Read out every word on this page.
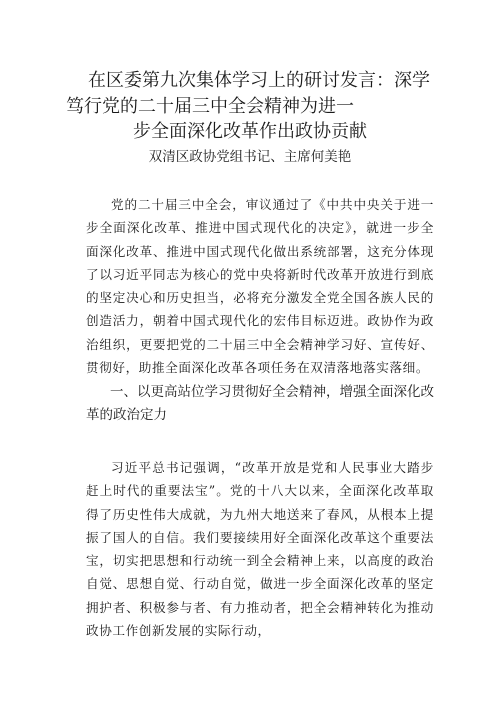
在区委第九次集体学习上的研讨发言：深学笃行党的二十届三中全会精神为进一
步全面深化改革作出政协贡献
双清区政协党组书记、主席何美艳

党的二十届三中全会，审议通过了《中共中央关于进一步全面深化改革、推进中国式现代化的决定》，就进一步全面深化改革、推进中国式现代化做出系统部署，这充分体现了以习近平同志为核心的党中央将新时代改革开放进行到底的坚定决心和历史担当，必将充分激发全党全国各族人民的创造活力，朝着中国式现代化的宏伟目标迈进。政协作为政治组织，更要把党的二十届三中全会精神学习好、宣传好、贯彻好，助推全面深化改革各项任务在双清落地落实落细。

一、以更高站位学习贯彻好全会精神，增强全面深化改革的政治定力

习近平总书记强调，“改革开放是党和人民事业大踏步赶上时代的重要法宝”。党的十八大以来，全面深化改革取得了历史性伟大成就，为九州大地送来了春风，从根本上提振了国人的自信。我们要接续用好全面深化改革这个重要法宝，切实把思想和行动统一到全会精神上来，以高度的政治自觉、思想自觉、行动自觉，做进一步全面深化改革的坚定拥护者、积极参与者、有力推动者，把全会精神转化为推动政协工作创新发展的实际行动，
